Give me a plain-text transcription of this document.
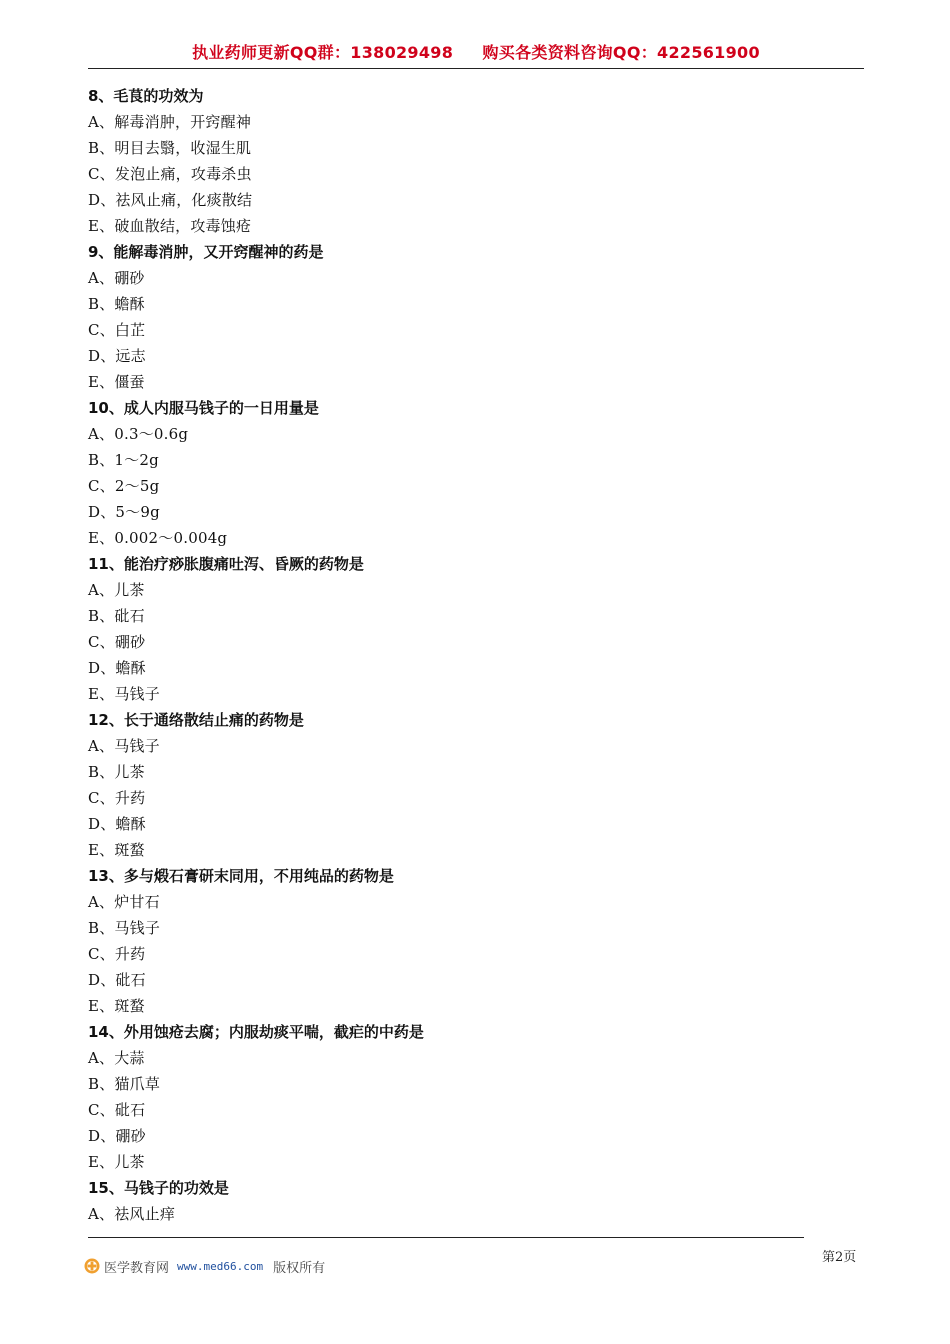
执业药师更新QQ群：138029498     购买各类资料咨询QQ：422561900
8、毛茛的功效为
A、解毒消肿，开窍醒神
B、明目去翳，收湿生肌
C、发泡止痛，攻毒杀虫
D、祛风止痛，化痰散结
E、破血散结，攻毒蚀疮
9、能解毒消肿，又开窍醒神的药是
A、硼砂
B、蟾酥
C、白芷
D、远志
E、僵蚕
10、成人内服马钱子的一日用量是
A、0.3～0.6g
B、1～2g
C、2～5g
D、5～9g
E、0.002～0.004g
11、能治疗痧胀腹痛吐泻、昏厥的药物是
A、儿茶
B、砒石
C、硼砂
D、蟾酥
E、马钱子
12、长于通络散结止痛的药物是
A、马钱子
B、儿茶
C、升药
D、蟾酥
E、斑蝥
13、多与煅石膏研末同用，不用纯品的药物是
A、炉甘石
B、马钱子
C、升药
D、砒石
E、斑蝥
14、外用蚀疮去腐；内服劫痰平喘，截疟的中药是
A、大蒜
B、猫爪草
C、砒石
D、硼砂
E、儿茶
15、马钱子的功效是
A、祛风止痒
第2页
医学教育网 www.med66.com 版权所有
